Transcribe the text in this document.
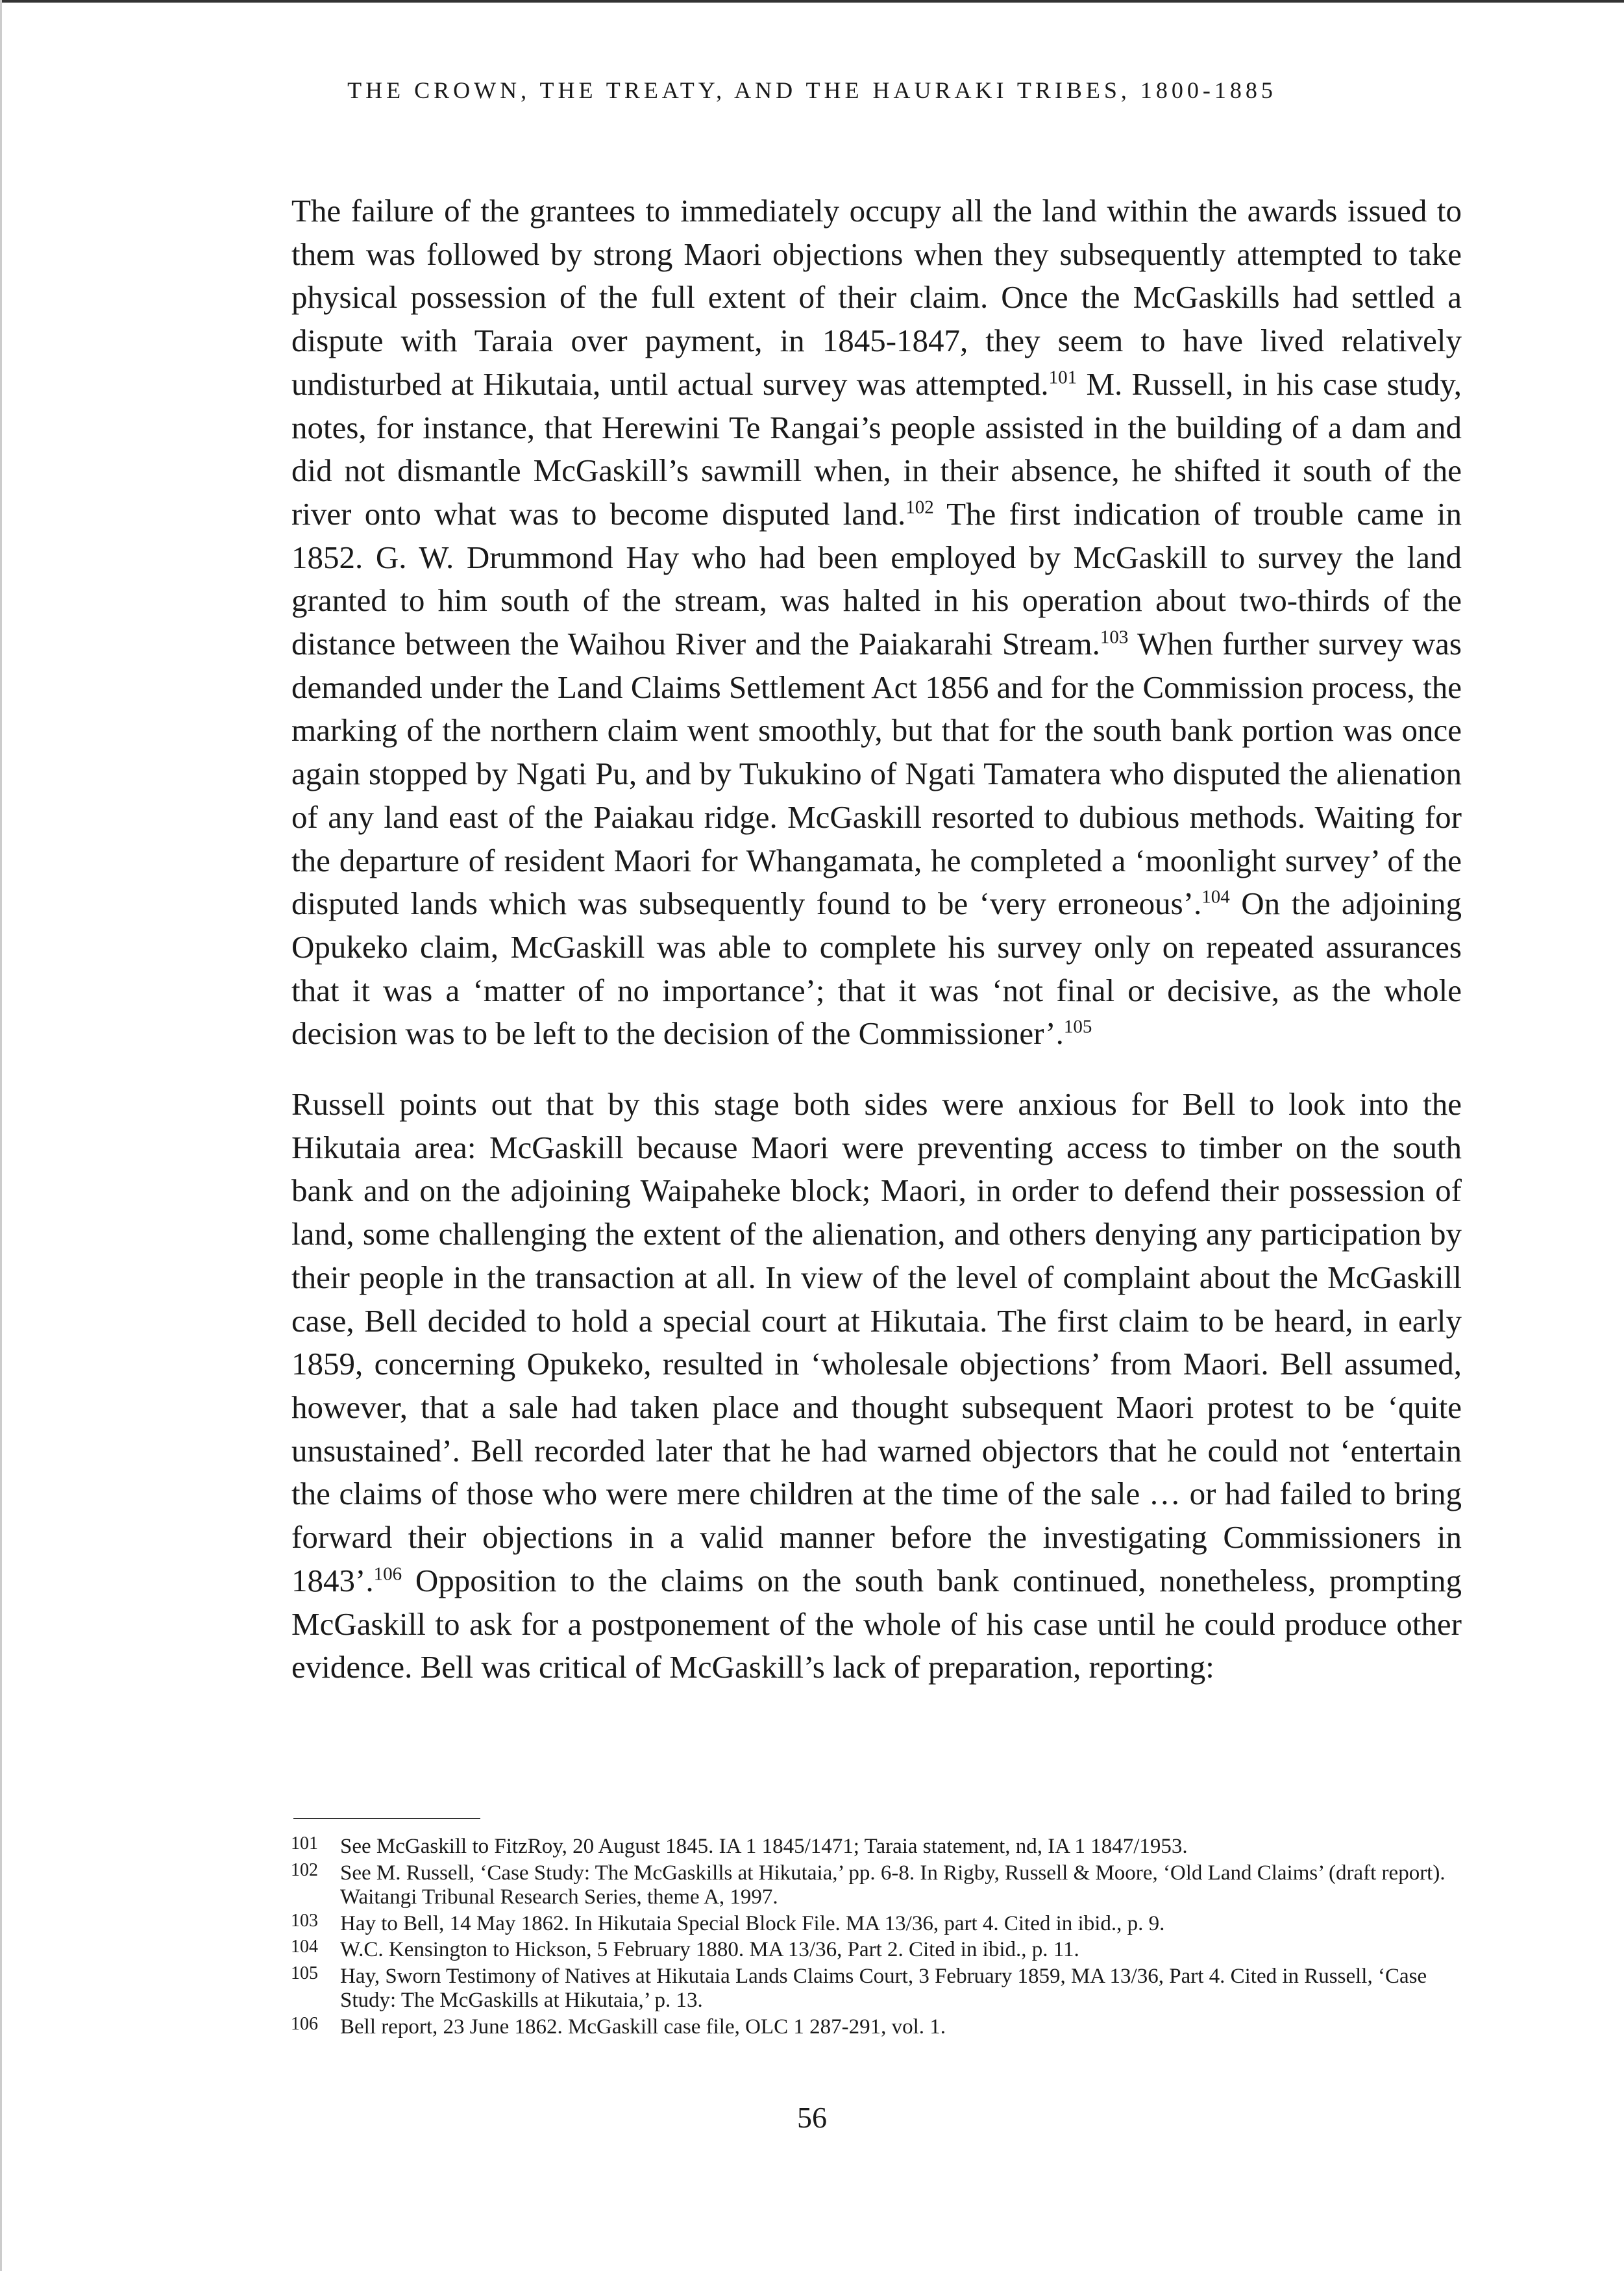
THE CROWN, THE TREATY, AND THE HAURAKI TRIBES, 1800-1885

The failure of the grantees to immediately occupy all the land within the awards issued to them was followed by strong Maori objections when they subsequently attempted to take physical possession of the full extent of their claim. Once the McGaskills had settled a dispute with Taraia over payment, in 1845-1847, they seem to have lived relatively undisturbed at Hikutaia, until actual survey was attempted.$^{101}$ M. Russell, in his case study, notes, for instance, that Herewini Te Rangai’s people assisted in the building of a dam and did not dismantle McGaskill’s sawmill when, in their absence, he shifted it south of the river onto what was to become disputed land.$^{102}$ The first indication of trouble came in 1852. G. W. Drummond Hay who had been employed by McGaskill to survey the land granted to him south of the stream, was halted in his operation about two-thirds of the distance between the Waihou River and the Paiakarahi Stream.$^{103}$ When further survey was demanded under the Land Claims Settlement Act 1856 and for the Commission process, the marking of the northern claim went smoothly, but that for the south bank portion was once again stopped by Ngati Pu, and by Tukukino of Ngati Tamatera who disputed the alienation of any land east of the Paiakau ridge. McGaskill resorted to dubious methods. Waiting for the departure of resident Maori for Whangamata, he completed a ‘moonlight survey’ of the disputed lands which was subsequently found to be ‘very erroneous’.$^{104}$ On the adjoining Opukeko claim, McGaskill was able to complete his survey only on repeated assurances that it was a ‘matter of no importance’; that it was ‘not final or decisive, as the whole decision was to be left to the decision of the Commissioner’.$^{105}$

Russell points out that by this stage both sides were anxious for Bell to look into the Hikutaia area: McGaskill because Maori were preventing access to timber on the south bank and on the adjoining Waipaheke block; Maori, in order to defend their possession of land, some challenging the extent of the alienation, and others denying any participation by their people in the transaction at all. In view of the level of complaint about the McGaskill case, Bell decided to hold a special court at Hikutaia. The first claim to be heard, in early 1859, concerning Opukeko, resulted in ‘wholesale objections’ from Maori. Bell assumed, however, that a sale had taken place and thought subsequent Maori protest to be ‘quite unsustained’. Bell recorded later that he had warned objectors that he could not ‘entertain the claims of those who were mere children at the time of the sale … or had failed to bring forward their objections in a valid manner before the investigating Commissioners in 1843’.$^{106}$ Opposition to the claims on the south bank continued, nonetheless, prompting McGaskill to ask for a postponement of the whole of his case until he could produce other evidence. Bell was critical of McGaskill’s lack of preparation, reporting:

101 See McGaskill to FitzRoy, 20 August 1845. IA 1 1845/1471; Taraia statement, nd, IA 1 1847/1953.
102 See M. Russell, ‘Case Study: The McGaskills at Hikutaia,’ pp. 6-8. In Rigby, Russell & Moore, ‘Old Land Claims’ (draft report). Waitangi Tribunal Research Series, theme A, 1997.
103 Hay to Bell, 14 May 1862. In Hikutaia Special Block File. MA 13/36, part 4. Cited in ibid., p. 9.
104 W.C. Kensington to Hickson, 5 February 1880. MA 13/36, Part 2. Cited in ibid., p. 11.
105 Hay, Sworn Testimony of Natives at Hikutaia Lands Claims Court, 3 February 1859, MA 13/36, Part 4. Cited in Russell, ‘Case Study: The McGaskills at Hikutaia,’ p. 13.
106 Bell report, 23 June 1862. McGaskill case file, OLC 1 287-291, vol. 1.
56
